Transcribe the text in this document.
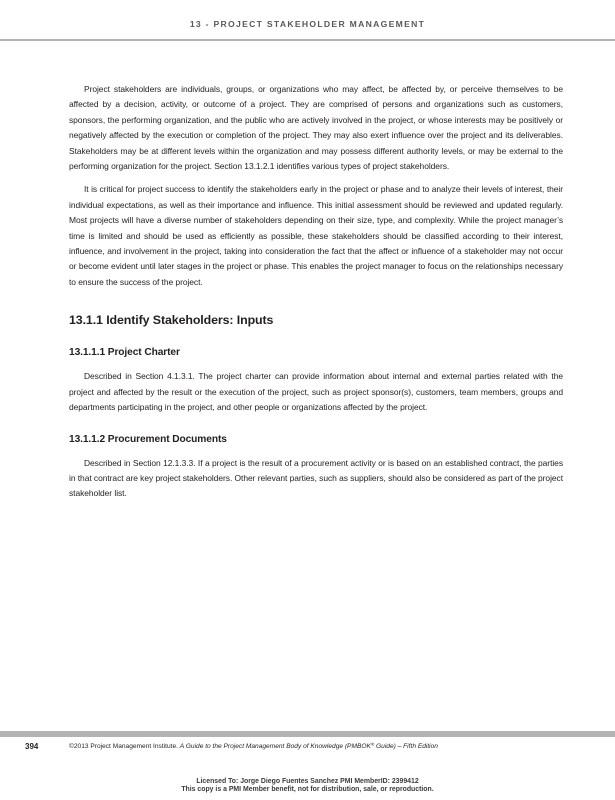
13 - PROJECT STAKEHOLDER MANAGEMENT

Project stakeholders are individuals, groups, or organizations who may affect, be affected by, or perceive themselves to be affected by a decision, activity, or outcome of a project. They are comprised of persons and organizations such as customers, sponsors, the performing organization, and the public who are actively involved in the project, or whose interests may be positively or negatively affected by the execution or completion of the project. They may also exert influence over the project and its deliverables. Stakeholders may be at different levels within the organization and may possess different authority levels, or may be external to the performing organization for the project. Section 13.1.2.1 identifies various types of project stakeholders.

It is critical for project success to identify the stakeholders early in the project or phase and to analyze their levels of interest, their individual expectations, as well as their importance and influence. This initial assessment should be reviewed and updated regularly. Most projects will have a diverse number of stakeholders depending on their size, type, and complexity. While the project manager’s time is limited and should be used as efficiently as possible, these stakeholders should be classified according to their interest, influence, and involvement in the project, taking into consideration the fact that the affect or influence of a stakeholder may not occur or become evident until later stages in the project or phase. This enables the project manager to focus on the relationships necessary to ensure the success of the project.

13.1.1 Identify Stakeholders: Inputs
13.1.1.1 Project Charter

Described in Section 4.1.3.1. The project charter can provide information about internal and external parties related with the project and affected by the result or the execution of the project, such as project sponsor(s), customers, team members, groups and departments participating in the project, and other people or organizations affected by the project.

13.1.1.2 Procurement Documents

Described in Section 12.1.3.3. If a project is the result of a procurement activity or is based on an established contract, the parties in that contract are key project stakeholders. Other relevant parties, such as suppliers, should also be considered as part of the project stakeholder list.

394	©2013 Project Management Institute. A Guide to the Project Management Body of Knowledge (PMBOK® Guide) – Fifth Edition
Licensed To: Jorge Diego Fuentes Sanchez PMI MemberID: 2399412
This copy is a PMI Member benefit, not for distribution, sale, or reproduction.
